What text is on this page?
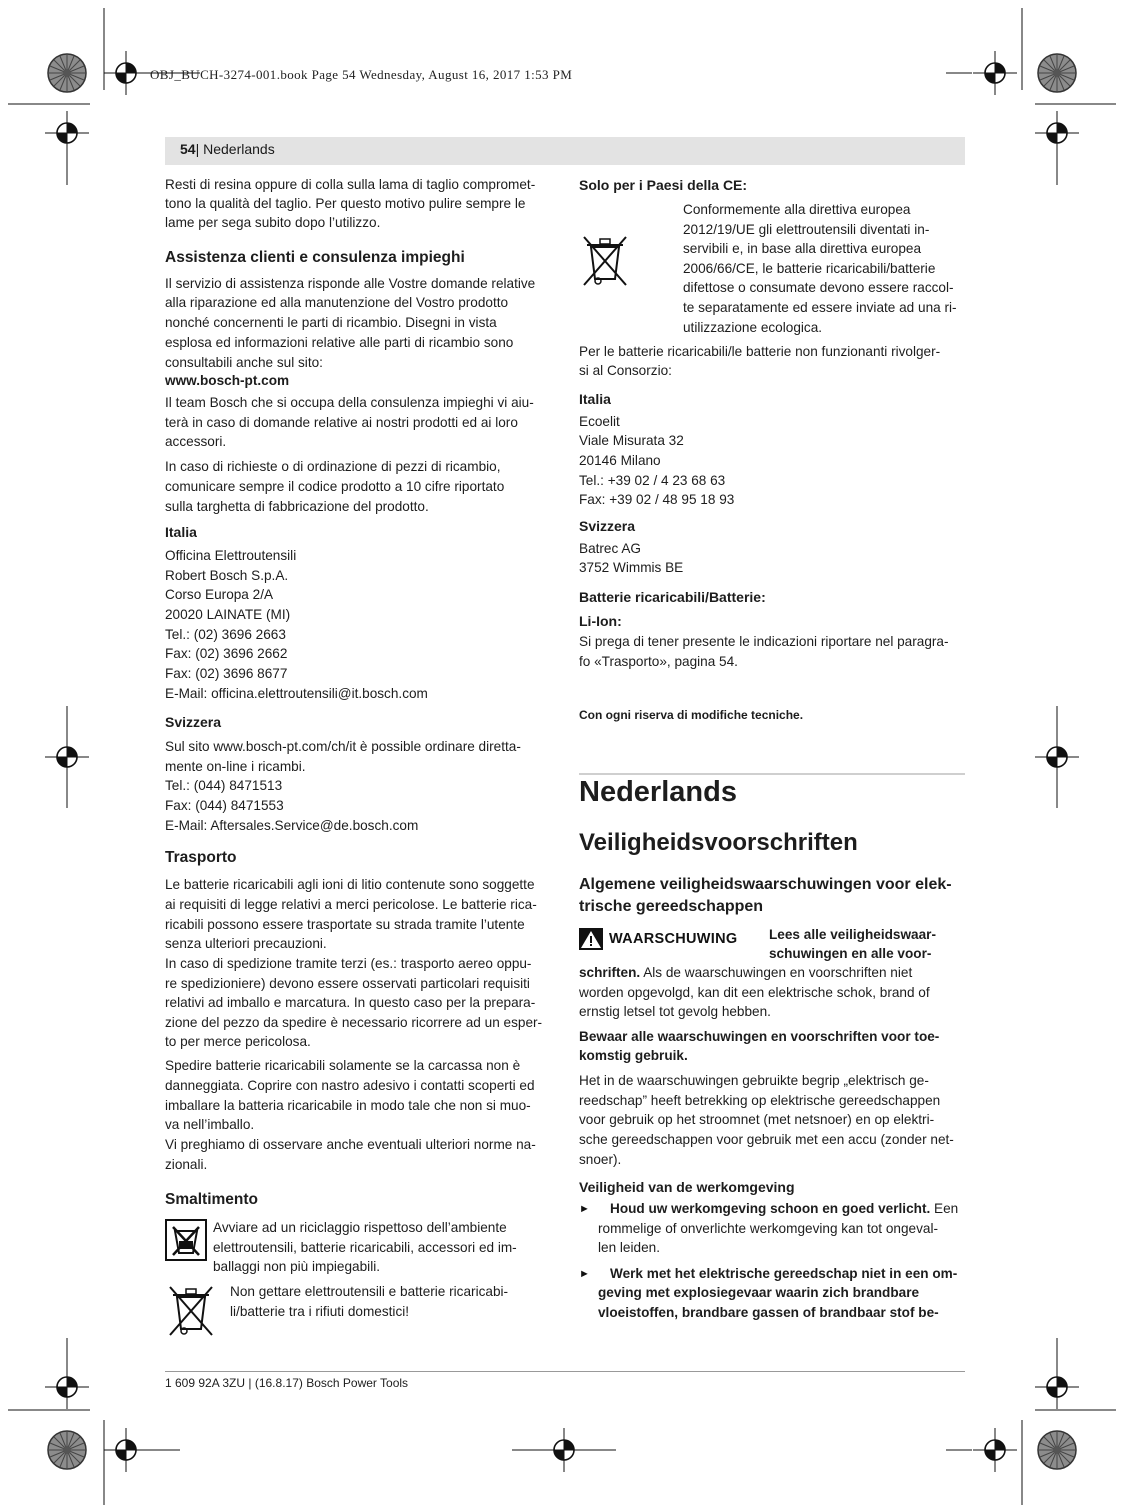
OBJ_BUCH-3274-001.book Page 54 Wednesday, August 16, 2017 1:53 PM
54| Nederlands
Resti di resina oppure di colla sulla lama di taglio compromet-
tono la qualità del taglio. Per questo motivo pulire sempre le
lame per sega subito dopo l’utilizzo.
Assistenza clienti e consulenza impieghi
Il servizio di assistenza risponde alle Vostre domande relative
alla riparazione ed alla manutenzione del Vostro prodotto
nonché concernenti le parti di ricambio. Disegni in vista
esplosa ed informazioni relative alle parti di ricambio sono
consultabili anche sul sito:
www.bosch-pt.com
Il team Bosch che si occupa della consulenza impieghi vi aiu-
terà in caso di domande relative ai nostri prodotti ed ai loro
accessori.
In caso di richieste o di ordinazione di pezzi di ricambio,
comunicare sempre il codice prodotto a 10 cifre riportato
sulla targhetta di fabbricazione del prodotto.
Italia
Officina Elettroutensili
Robert Bosch S.p.A.
Corso Europa 2/A
20020 LAINATE (MI)
Tel.: (02) 3696 2663
Fax: (02) 3696 2662
Fax: (02) 3696 8677
E-Mail: officina.elettroutensili@it.bosch.com
Svizzera
Sul sito www.bosch-pt.com/ch/it è possible ordinare diretta-
mente on-line i ricambi.
Tel.: (044) 8471513
Fax: (044) 8471553
E-Mail: Aftersales.Service@de.bosch.com
Trasporto
Le batterie ricaricabili agli ioni di litio contenute sono soggette
ai requisiti di legge relativi a merci pericolose. Le batterie rica-
ricabili possono essere trasportate su strada tramite l’utente
senza ulteriori precauzioni.
In caso di spedizione tramite terzi (es.: trasporto aereo oppu-
re spedizioniere) devono essere osservati particolari requisiti
relativi ad imballo e marcatura. In questo caso per la prepara-
zione del pezzo da spedire è necessario ricorrere ad un esper-
to per merce pericolosa.
Spedire batterie ricaricabili solamente se la carcassa non è
danneggiata. Coprire con nastro adesivo i contatti scoperti ed
imballare la batteria ricaricabile in modo tale che non si muo-
va nell’imballo.
Vi preghiamo di osservare anche eventuali ulteriori norme na-
zionali.
Smaltimento
Avviare ad un riciclaggio rispettoso dell’ambiente
elettroutensili, batterie ricaricabili, accessori ed im-
ballaggi non più impiegabili.
Non gettare elettroutensili e batterie ricaricabi-
li/batterie tra i rifiuti domestici!
Solo per i Paesi della CE:
Conformemente alla direttiva europea
2012/19/UE gli elettroutensili diventati in-
servibili e, in base alla direttiva europea
2006/66/CE, le batterie ricaricabili/batterie
difettose o consumate devono essere raccol-
te separatamente ed essere inviate ad una ri-
utilizzazione ecologica.
Per le batterie ricaricabili/le batterie non funzionanti rivolger-
si al Consorzio:
Italia
Ecoelit
Viale Misurata 32
20146 Milano
Tel.: +39 02 / 4 23 68 63
Fax: +39 02 / 48 95 18 93
Svizzera
Batrec AG
3752 Wimmis BE
Batterie ricaricabili/Batterie:
Li-Ion:
Si prega di tener presente le indicazioni riportare nel paragra-
fo «Trasporto», pagina 54.
Con ogni riserva di modifiche tecniche.
Nederlands
Veiligheidsvoorschriften
Algemene veiligheidswaarschuwingen voor elek-
trische gereedschappen
Lees alle veiligheidswaar-
schuwingen en alle voor-
schriften. Als de waarschuwingen en voorschriften niet
worden opgevolgd, kan dit een elektrische schok, brand of
ernstig letsel tot gevolg hebben.
Bewaar alle waarschuwingen en voorschriften voor toe-
komstig gebruik.
Het in de waarschuwingen gebruikte begrip „elektrisch ge-
reedschap” heeft betrekking op elektrische gereedschappen
voor gebruik op het stroomnet (met netsnoer) en op elektri-
sche gereedschappen voor gebruik met een accu (zonder net-
snoer).
Veiligheid van de werkomgeving
► Houd uw werkomgeving schoon en goed verlicht. Een
rommelige of onverlichte werkomgeving kan tot ongeval-
len leiden.
► Werk met het elektrische gereedschap niet in een om-
geving met explosiegevaar waarin zich brandbare
vloeistoffen, brandbare gassen of brandbaar stof be-
WAARSCHUWING
1 609 92A 3ZU | (16.8.17) Bosch Power Tools
